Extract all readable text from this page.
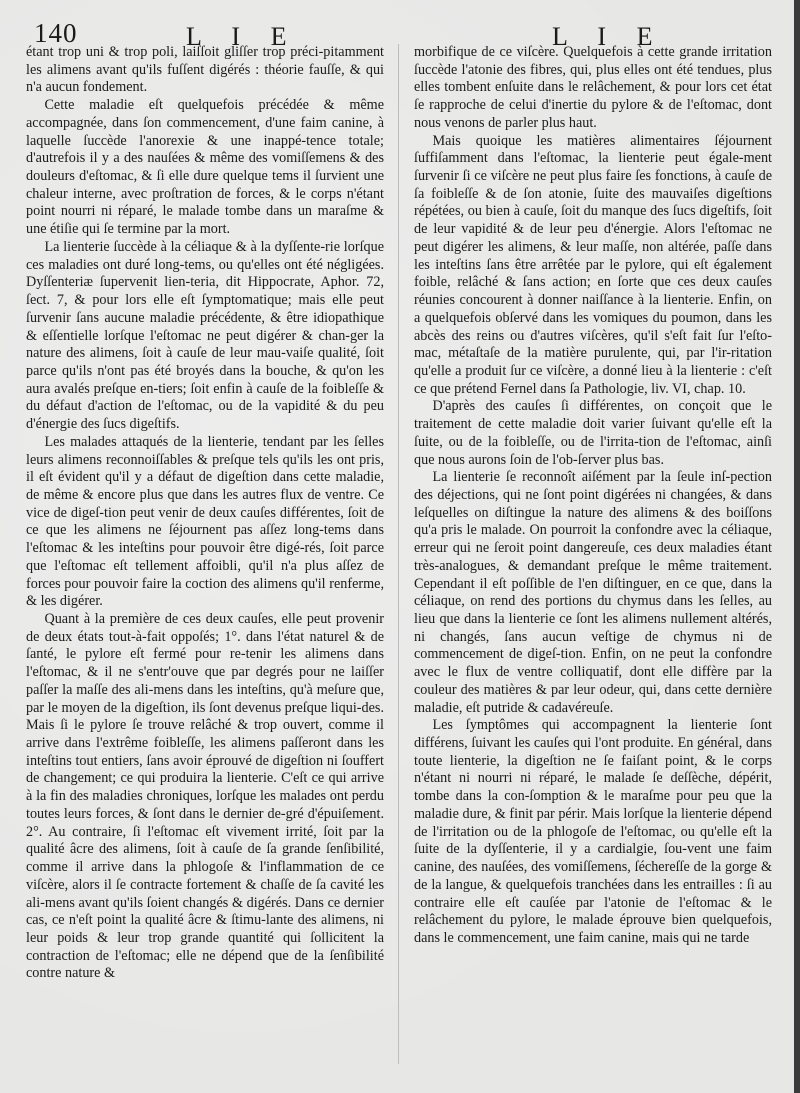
140	L I E	L I E

étant trop uni & trop poli, laiſſoit gliſſer trop préci-pitamment les alimens avant qu'ils fuſſent digérés : théorie fauſſe, & qui n'a aucun fondement.

Cette maladie eſt quelquefois précédée & même accompagnée, dans ſon commencement, d'une faim canine, à laquelle ſuccède l'anorexie & une inappé-tence totale; d'autrefois il y a des nauſées & même des vomiſſemens & des douleurs d'eſtomac, & ſi elle dure quelque tems il ſurvient une chaleur interne, avec proſtration de forces, & le corps n'étant point nourri ni réparé, le malade tombe dans un maraſme & une étiſie qui ſe termine par la mort.

La lienterie ſuccède à la céliaque & à la dyſſente-rie lorſque ces maladies ont duré long-tems, ou qu'elles ont été négligées. Dyſſenteriæ ſupervenit lien-teria, dit Hippocrate, Aphor. 72, ſect. 7, & pour lors elle eſt ſymptomatique; mais elle peut ſurvenir ſans aucune maladie précédente, & être idiopathique & eſſentielle lorſque l'eſtomac ne peut digérer & chan-ger la nature des alimens, ſoit à cauſe de leur mau-vaiſe qualité, ſoit parce qu'ils n'ont pas été broyés dans la bouche, & qu'on les aura avalés preſque en-tiers; ſoit enfin à cauſe de la foibleſſe & du défaut d'action de l'eſtomac, ou de la vapidité & du peu d'énergie des ſucs digeſtifs.

Les malades attaqués de la lienterie, tendant par les ſelles leurs alimens reconnoiſſables & preſque tels qu'ils les ont pris, il eſt évident qu'il y a défaut de digeſtion dans cette maladie, de même & encore plus que dans les autres flux de ventre. Ce vice de digeſ-tion peut venir de deux cauſes différentes, ſoit de ce que les alimens ne ſéjournent pas aſſez long-tems dans l'eſtomac & les inteſtins pour pouvoir être digé-rés, ſoit parce que l'eſtomac eſt tellement affoibli, qu'il n'a plus aſſez de forces pour pouvoir faire la coction des alimens qu'il renferme, & les digérer.

Quant à la première de ces deux cauſes, elle peut provenir de deux états tout-à-fait oppoſés; 1°. dans l'état naturel & de ſanté, le pylore eſt fermé pour re-tenir les alimens dans l'eſtomac, & il ne s'entr'ouve que par degrés pour ne laiſſer paſſer la maſſe des ali-mens dans les inteſtins, qu'à meſure que, par le moyen de la digeſtion, ils ſont devenus preſque liqui-des. Mais ſi le pylore ſe trouve relâché & trop ouvert, comme il arrive dans l'extrême foibleſſe, les alimens paſſeront dans les inteſtins tout entiers, ſans avoir éprouvé de digeſtion ni ſouffert de changement; ce qui produira la lienterie. C'eſt ce qui arrive à la fin des maladies chroniques, lorſque les malades ont perdu toutes leurs forces, & ſont dans le dernier de-gré d'épuiſement. 2°. Au contraire, ſi l'eſtomac eſt vivement irrité, ſoit par la qualité âcre des alimens, ſoit à cauſe de ſa grande ſenſibilité, comme il arrive dans la phlogoſe & l'inflammation de ce viſcère, alors il ſe contracte fortement & chaſſe de ſa cavité les ali-mens avant qu'ils ſoient changés & digérés. Dans ce dernier cas, ce n'eſt point la qualité âcre & ſtimu-lante des alimens, ni leur poids & leur trop grande quantité qui ſollicitent la contraction de l'eſtomac; elle ne dépend que de la ſenſibilité contre nature &

morbifique de ce viſcère. Quelquefois à cette grande irritation ſuccède l'atonie des fibres, qui, plus elles ont été tendues, plus elles tombent enſuite dans le relâchement, & pour lors cet état ſe rapproche de celui d'inertie du pylore & de l'eſtomac, dont nous venons de parler plus haut.

Mais quoique les matières alimentaires ſéjournent ſuffiſamment dans l'eſtomac, la lienterie peut égale-ment ſurvenir ſi ce viſcère ne peut plus faire ſes fonctions, à cauſe de ſa foibleſſe & de ſon atonie, ſuite des mauvaiſes digeſtions répétées, ou bien à cauſe, ſoit du manque des ſucs digeſtifs, ſoit de leur vapidité & de leur peu d'énergie. Alors l'eſtomac ne peut digérer les alimens, & leur maſſe, non altérée, paſſe dans les inteſtins ſans être arrêtée par le pylore, qui eſt également foible, relâché & ſans action; en ſorte que ces deux cauſes réunies concourent à donner naiſſance à la lienterie. Enfin, on a quelquefois obſervé dans les vomiques du poumon, dans les abcès des reins ou d'autres viſcères, qu'il s'eſt fait ſur l'eſto-mac, métaſtaſe de la matière purulente, qui, par l'ir-ritation qu'elle a produit ſur ce viſcère, a donné lieu à la lienterie : c'eſt ce que prétend Fernel dans ſa Pathologie, liv. VI, chap. 10.

D'après des cauſes ſi différentes, on conçoit que le traitement de cette maladie doit varier ſuivant qu'elle eſt la ſuite, ou de la foibleſſe, ou de l'irrita-tion de l'eſtomac, ainſi que nous aurons ſoin de l'ob-ſerver plus bas.

La lienterie ſe reconnoît aiſément par la ſeule inſ-pection des déjections, qui ne ſont point digérées ni changées, & dans leſquelles on diſtingue la nature des alimens & des boiſſons qu'a pris le malade. On pourroit la confondre avec la céliaque, erreur qui ne ſeroit point dangereuſe, ces deux maladies étant très-analogues, & demandant preſque le même traitement. Cependant il eſt poſſible de l'en diſtinguer, en ce que, dans la céliaque, on rend des portions du chymus dans les ſelles, au lieu que dans la lienterie ce ſont les alimens nullement altérés, ni changés, ſans aucun veſtige de chymus ni de commencement de digeſ-tion. Enfin, on ne peut la confondre avec le flux de ventre colliquatif, dont elle diffère par la couleur des matières & par leur odeur, qui, dans cette dernière maladie, eſt putride & cadavéreuſe.

Les ſymptômes qui accompagnent la lienterie ſont différens, ſuivant les cauſes qui l'ont produite. En général, dans toute lienterie, la digeſtion ne ſe faiſant point, & le corps n'étant ni nourri ni réparé, le malade ſe deſſèche, dépérit, tombe dans la con-ſomption & le maraſme pour peu que la maladie dure, & finit par périr. Mais lorſque la lienterie dépend de l'irritation ou de la phlogoſe de l'eſtomac, ou qu'elle eſt la ſuite de la dyſſenterie, il y a cardialgie, ſou-vent une faim canine, des nauſées, des vomiſſemens, ſéchereſſe de la gorge & de la langue, & quelquefois tranchées dans les entrailles : ſi au contraire elle eſt cauſée par l'atonie de l'eſtomac & le relâchement du pylore, le malade éprouve bien quelquefois, dans le commencement, une faim canine, mais qui ne tarde
